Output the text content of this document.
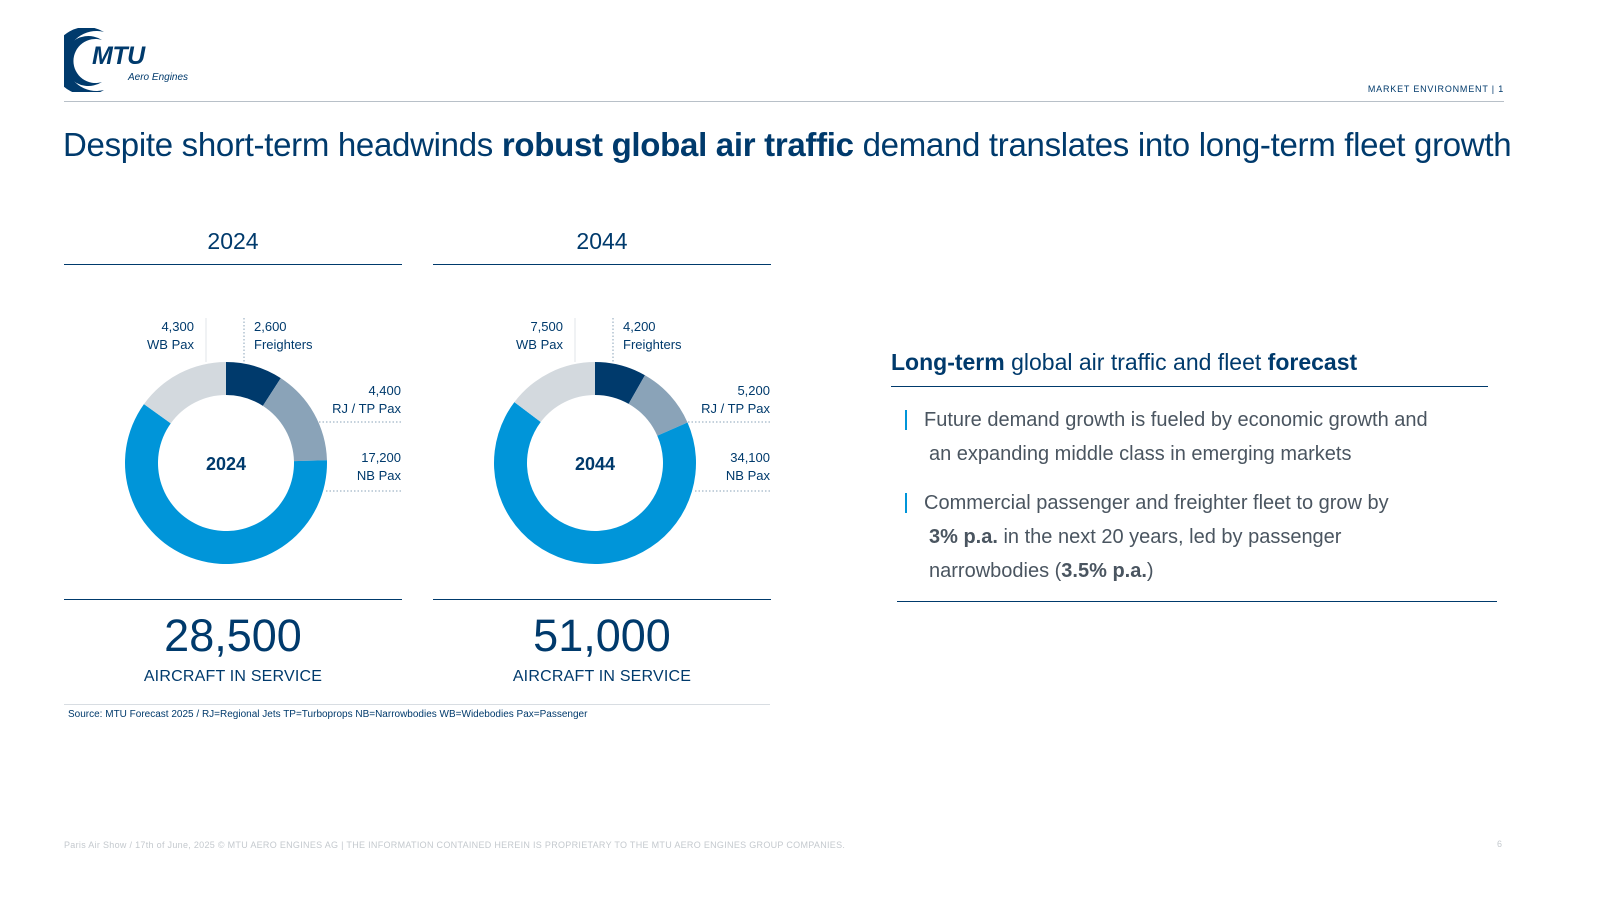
MTU
Aero Engines
MARKET ENVIRONMENT | 1
Despite short-term headwinds robust global air traffic demand translates into long-term fleet growth
2024
2024
2,600
Freighters
4,400
RJ / TP Pax
17,200
NB Pax
4,300
WB Pax
28,500
AIRCRAFT IN SERVICE
2044
2044
4,200
Freighters
5,200
RJ / TP Pax
34,100
NB Pax
7,500
WB Pax
51,000
AIRCRAFT IN SERVICE
Source: MTU Forecast 2025 / RJ=Regional Jets TP=Turboprops NB=Narrowbodies WB=Widebodies Pax=Passenger
Long-term global air traffic and fleet forecast
Future demand growth is fueled by economic growth and
an expanding middle class in emerging markets
Commercial passenger and freighter fleet to grow by
3% p.a. in the next 20 years, led by passenger
narrowbodies (3.5% p.a.)
Paris Air Show / 17th of June, 2025 © MTU AERO ENGINES AG | THE INFORMATION CONTAINED HEREIN IS PROPRIETARY TO THE MTU AERO ENGINES GROUP COMPANIES.	6
